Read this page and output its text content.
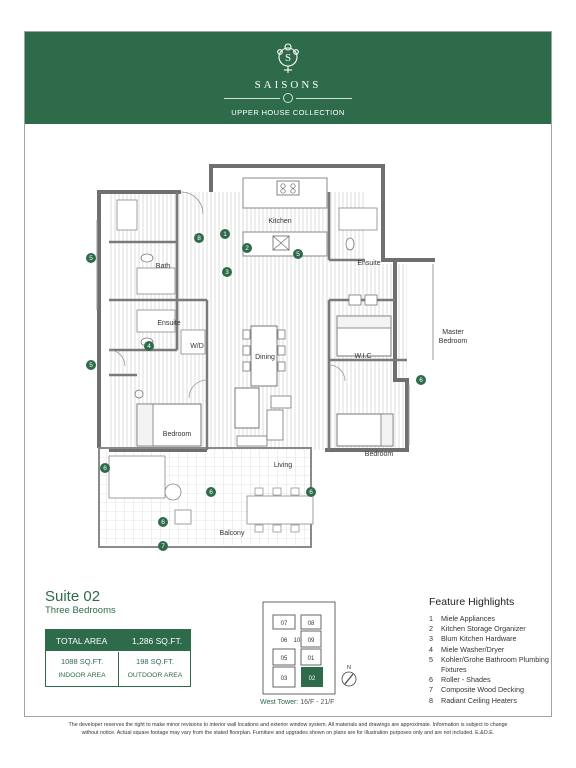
S
SAISONS
UPPER HOUSE COLLECTION
Kitchen
Bath
Ensuite
Ensuite
W/D
Dining	W.I.C
Master
Bedroom
Bedroom
Bedroom
Living
Balcony
1
2
3
4
5
5
5
6
6
6	6
6
7
8
Suite 02
Three Bedrooms
TOTAL AREA	1,286 SQ.FT.
1088 SQ.FT.
INDOOR AREA
198 SQ.FT.
OUTDOOR AREA
07	08
06 10 09
05	01
03	02
N
West Tower: 16/F - 21/F
Feature Highlights
1 Miele Appliances
2 Kitchen Storage Organizer
3 Blum Kitchen Hardware
4 Miele Washer/Dryer
5 Kohler/Grohe Bathroom Plumbing Fixtures
6 Roller - Shades
7 Composite Wood Decking
8 Radiant Ceiling Heaters
The developer reserves the right to make minor revisions to interior wall locations and exterior window system. All materials and drawings are approximate. Information is subject to change
without notice. Actual square footage may vary from the stated floorplan. Furniture and upgrades shown on plans are for illustration purposes only and are not included. E.&O.E.
